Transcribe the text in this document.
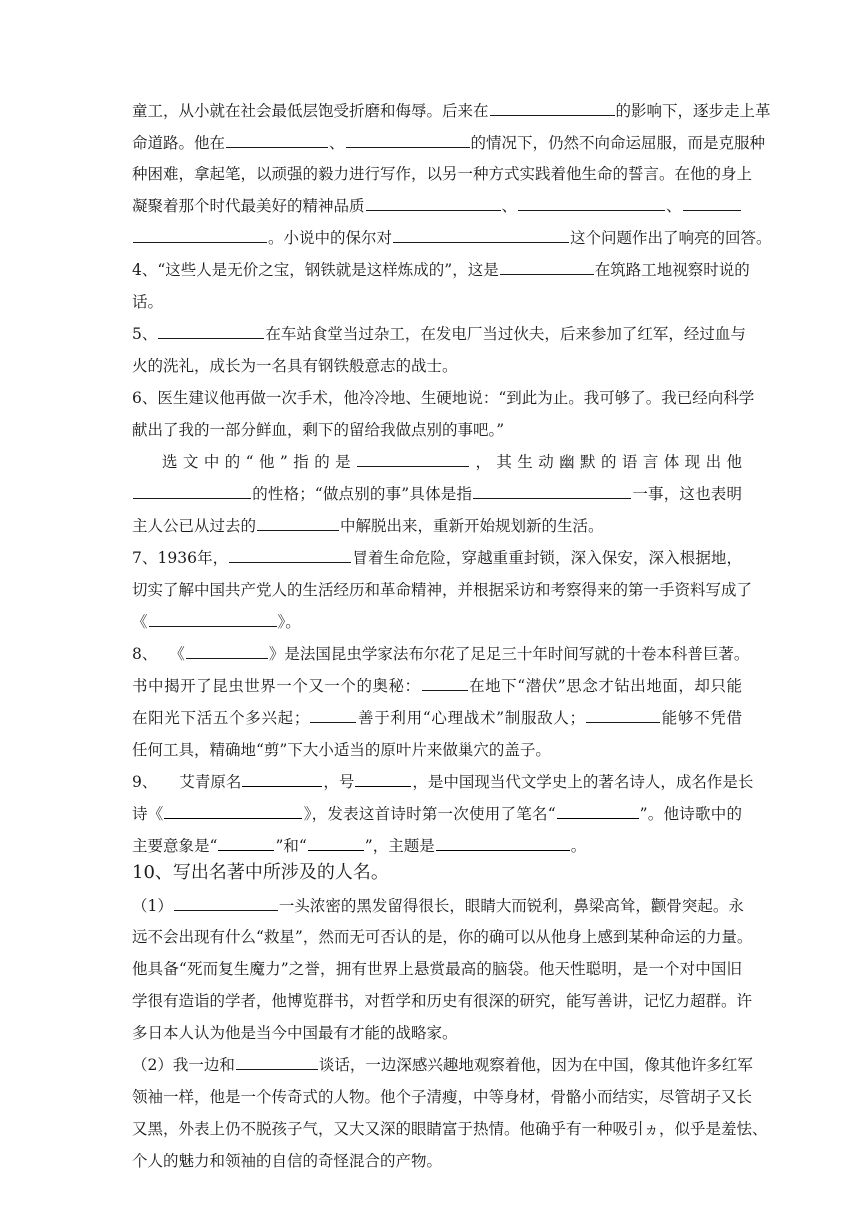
童工，从小就在社会最低层饱受折磨和侮辱。后来在	的影响下，逐步走上革
命道路。他在	、	的情况下，仍然不向命运屈服，而是克服种
种困难，拿起笔，以顽强的毅力进行写作，以另一种方式实践着他生命的誓言。在他的身上
凝聚着那个时代最美好的精神品质	、	、
。小说中的保尔对	这个问题作出了响亮的回答。
4、“这些人是无价之宝，钢铁就是这样炼成的”，这是	在筑路工地视察时说的
话。
5、	在车站食堂当过杂工，在发电厂当过伙夫，后来参加了红军，经过血与
火的洗礼，成长为一名具有钢铁般意志的战士。
6、医生建议他再做一次手术，他冷冷地、生硬地说：“到此为止。我可够了。我已经向科学
献出了我的一部分鲜血，剩下的留给我做点别的事吧。”
选文中的“他”指的是	，其生动幽默的语言体现出他
的性格；“做点别的事”具体是指	一事，这也表明
主人公已从过去的	中解脱出来，重新开始规划新的生活。
7、1936年，	冒着生命危险，穿越重重封锁，深入保安，深入根据地，
切实了解中国共产党人的生活经历和革命精神，并根据采访和考察得来的第一手资料写成了
《	》。
8、 《	》是法国昆虫学家法布尔花了足足三十年时间写就的十卷本科普巨著。
书中揭开了昆虫世界一个又一个的奥秘：	在地下“潜伏”思念才钻出地面，却只能
在阳光下活五个多兴起；	善于利用“心理战术”制服敌人；	能够不凭借
任何工具，精确地“剪”下大小适当的原叶片来做巢穴的盖子。
9、 艾青原名	，号	，是中国现当代文学史上的著名诗人，成名作是长
诗《	》，发表这首诗时第一次使用了笔名“	”。他诗歌中的
主要意象是“	”和“	”，主题是	。
10、写出名著中所涉及的人名。
（1）	一头浓密的黑发留得很长，眼睛大而锐利，鼻梁高耸，颧骨突起。永
远不会出现有什么“救星”，然而无可否认的是，你的确可以从他身上感到某种命运的力量。
他具备“死而复生魔力”之誉，拥有世界上悬赏最高的脑袋。他天性聪明，是一个对中国旧
学很有造诣的学者，他博览群书，对哲学和历史有很深的研究，能写善讲，记忆力超群。许
多日本人认为他是当今中国最有才能的战略家。
（2）我一边和	谈话，一边深感兴趣地观察着他，因为在中国，像其他许多红军
领袖一样，他是一个传奇式的人物。他个子清瘦，中等身材，骨骼小而结实，尽管胡子又长
又黑，外表上仍不脱孩子气，又大又深的眼睛富于热情。他确乎有一种吸引ヵ，似乎是羞怯、
个人的魅力和领袖的自信的奇怪混合的产物。
